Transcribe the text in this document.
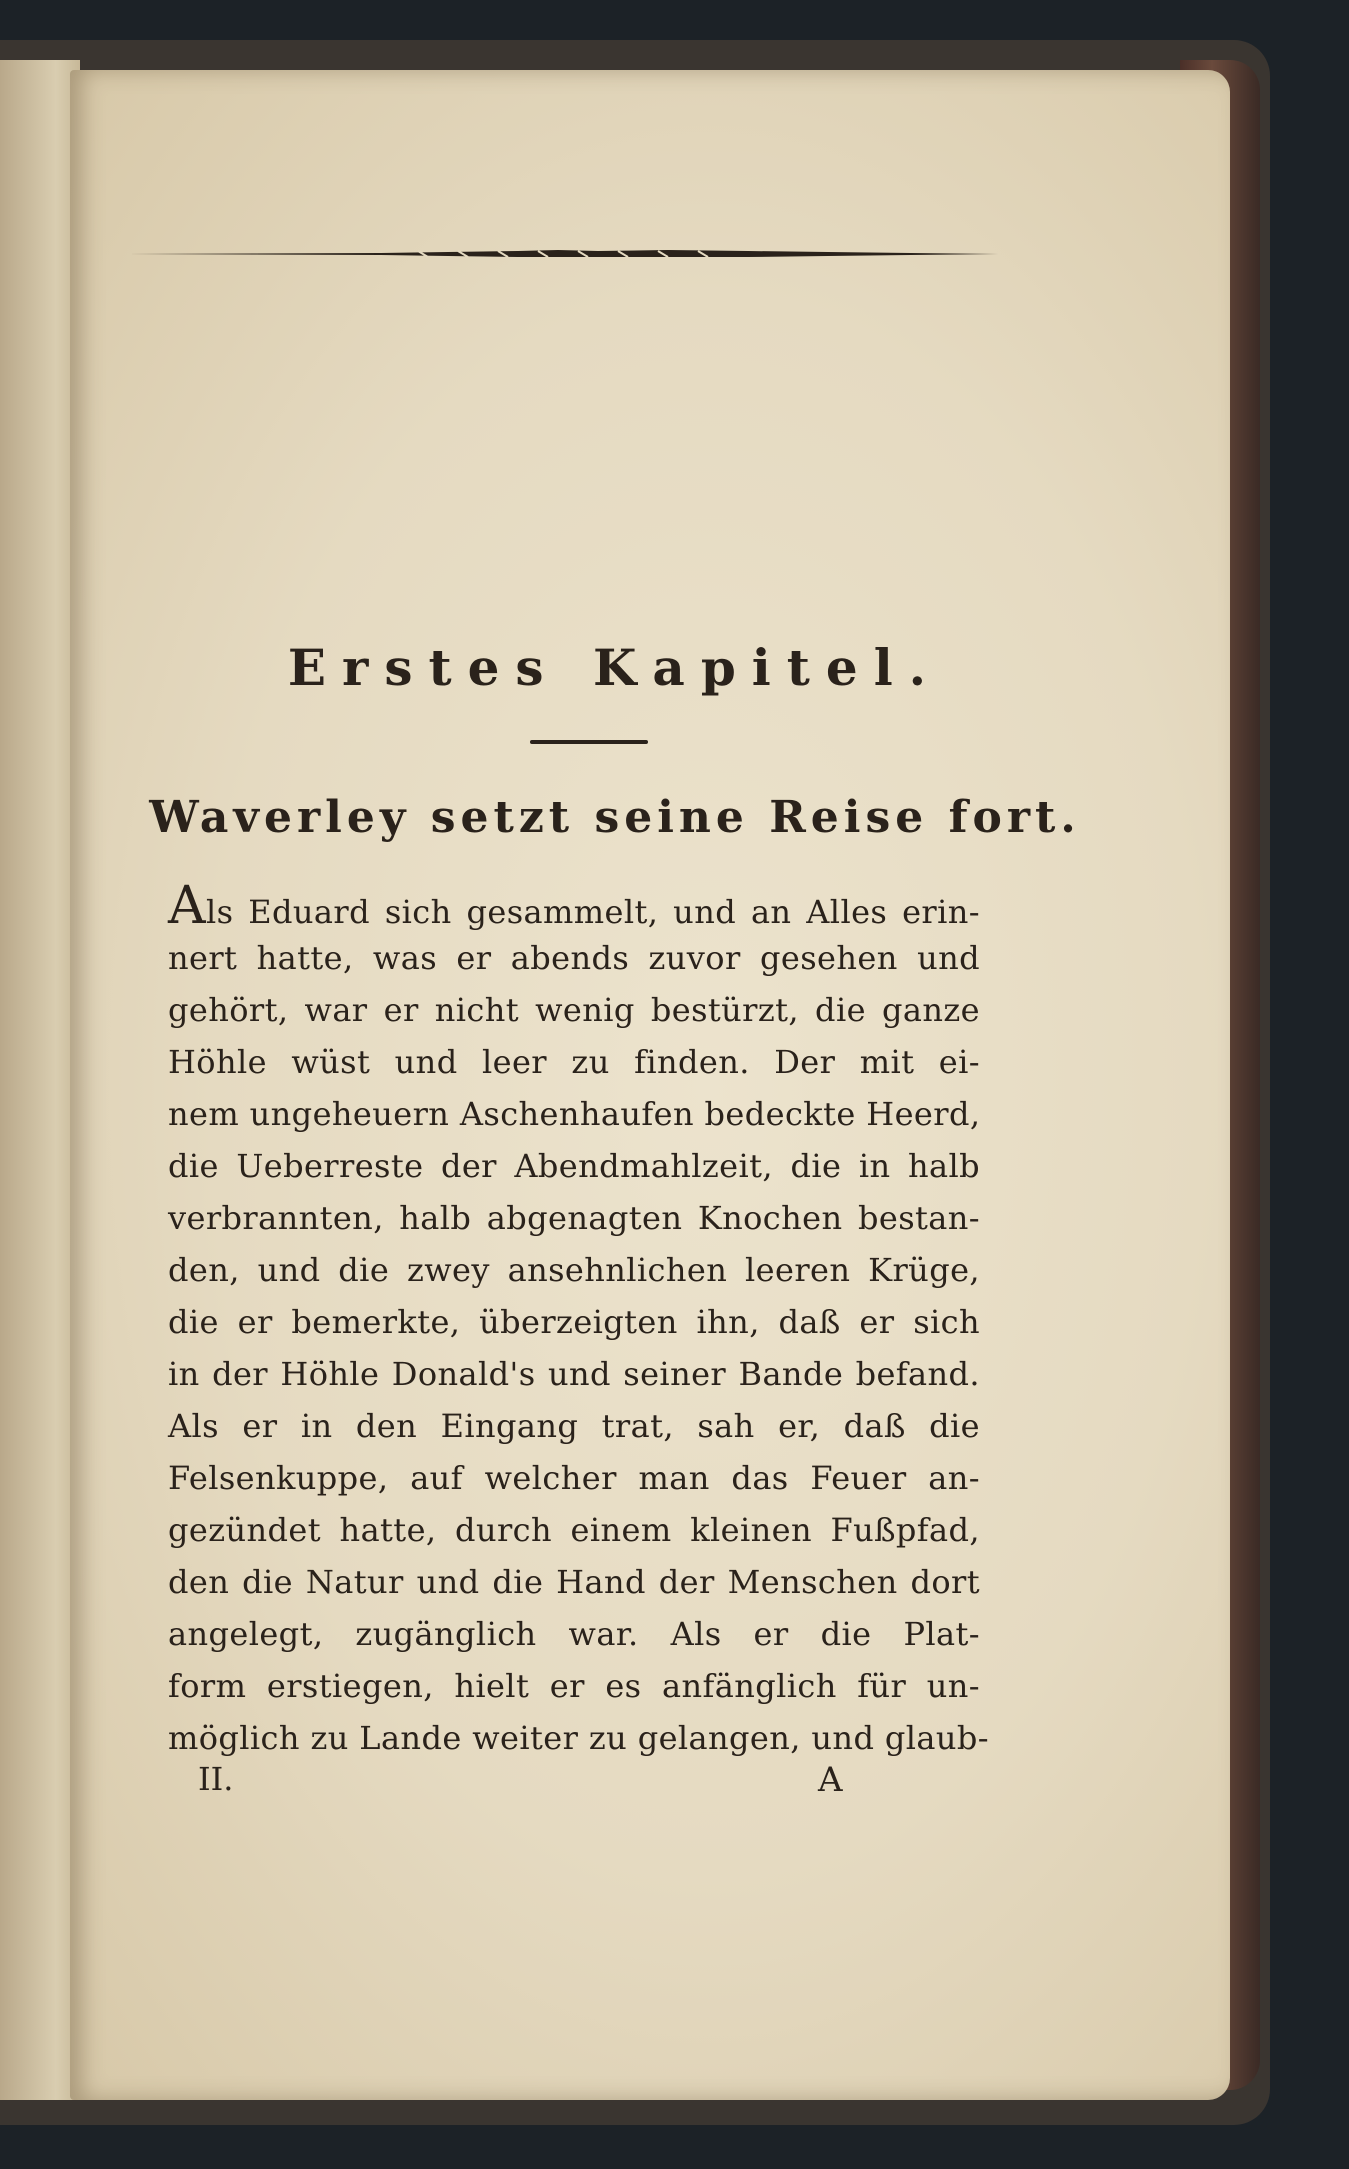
Erstes Kapitel.
Waverley setzt seine Reise fort.
Als Eduard sich gesammelt, und an Alles erin-
nert hatte, was er abends zuvor gesehen und
gehört, war er nicht wenig bestürzt, die ganze
Höhle wüst und leer zu finden. Der mit ei-
nem ungeheuern Aschenhaufen bedeckte Heerd,
die Ueberreste der Abendmahlzeit, die in halb
verbrannten, halb abgenagten Knochen bestan-
den, und die zwey ansehnlichen leeren Krüge,
die er bemerkte, überzeigten ihn, daß er sich
in der Höhle Donald's und seiner Bande befand.
Als er in den Eingang trat, sah er, daß die
Felsenkuppe, auf welcher man das Feuer an-
gezündet hatte, durch einem kleinen Fußpfad,
den die Natur und die Hand der Menschen dort
angelegt, zugänglich war. Als er die Plat-
form erstiegen, hielt er es anfänglich für un-
möglich zu Lande weiter zu gelangen, und glaub-
II.	A
